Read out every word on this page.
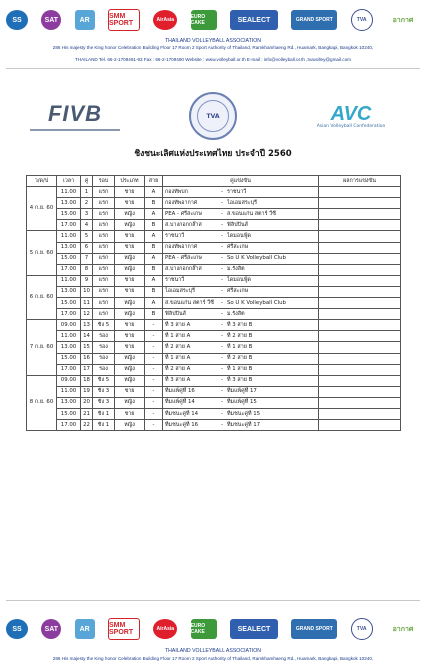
SS	SAT	AR	SMM SPORT	AirAsia	EURO CAKE	SEALECT	GRAND SPORT	TVA	อากาศ
THAILAND VOLLEYBALL ASSOCIATION
286 His majesty the King honor Celebration Building Floor 17 Room 2 Sport Authority of Thailand, Ramkhamhaeng Rd., Huamark, Bangkapi, Bangkok 10240,
THAILAND Tel. 66-2-1709491-93 Fax : 66-2-1709490 Website : www.volleyball.or.th E-mail : info@volleyball.or.th ,tvavolley@gmail.com
FIVB	TVA	AVC
Asian Volleyball Confederation
ชิงชนะเลิศแห่งประเทศไทย ประจำปี 2560
ว/ด/ป	เวลา	คู่	รอบ	ประเภท	สาย	คู่แข่งขัน	ผลการแข่งขัน
4 ก.ย. 60	11.00	1	แรก	ชาย	A	กองทัพบก - ราชนาวี	

	13.00	2	แรก	ชาย	B	กองทัพอากาศ - ไอเอมสระบุรี	

	15.00	3	แรก	หญิง	A	PEA - ศรีสะเกษ - ส.ขอนแก่น สตาร์ วีซี	

	17.00	4	แรก	หญิง	B	ส.บางกอกกล๊าส - ฟิลิปปินส์	

5 ก.ย. 60	11.00	5	แรก	ชาย	A	ราชนาวี - ไดมอนฟู้ด	

	13.00	6	แรก	ชาย	B	กองทัพอากาศ - ศรีสะเกษ	

	15.00	7	แรก	หญิง	A	PEA - ศรีสะเกษ - So U K Volleyball Club	

	17.00	8	แรก	หญิง	B	ส.บางกอกกล๊าส - ม.รังสิต	

6 ก.ย. 60	11.00	9	แรก	ชาย	A	ราชนาวี - ไดมอนฟู้ด	

	13.00	10	แรก	ชาย	B	ไอเอมสระบุรี - ศรีสะเกษ	

	15.00	11	แรก	หญิง	A	ส.ขอนแก่น สตาร์ วีซี - So U K Volleyball Club	

	17.00	12	แรก	หญิง	B	ฟิลิปปินส์ - ม.รังสิต	

7 ก.ย. 60	09.00	13	ชิง 5	ชาย	-	ที่ 3 สาย A - ที่ 3 สาย B	

	11.00	14	รอง	ชาย	-	ที่ 1 สาย A - ที่ 2 สาย B	

	13.00	15	รอง	ชาย	-	ที่ 2 สาย A - ที่ 1 สาย B	

	15.00	16	รอง	หญิง	-	ที่ 1 สาย A - ที่ 2 สาย B	

	17.00	17	รอง	หญิง	-	ที่ 2 สาย A - ที่ 1 สาย B	

8 ก.ย. 60	09.00	18	ชิง 5	หญิง	-	ที่ 3 สาย A - ที่ 3 สาย B	

	11.00	19	ชิง 3	ชาย	-	ทีมแพ้คู่ที่ 16 - ทีมแพ้คู่ที่ 17	

	13.00	20	ชิง 3	หญิง	-	ทีมแพ้คู่ที่ 14 - ทีมแพ้คู่ที่ 15	

	15.00	21	ชิง 1	ชาย	-	ทีมชนะคู่ที่ 14 - ทีมชนะคู่ที่ 15	

	17.00	22	ชิง 1	หญิง	-	ทีมชนะคู่ที่ 16 - ทีมชนะคู่ที่ 17	

SS	SAT	AR	SMM SPORT	AirAsia	EURO CAKE	SEALECT	GRAND SPORT	TVA	อากาศ
THAILAND VOLLEYBALL ASSOCIATION
286 His majesty the King honor Celebration Building Floor 17 Room 2 Sport Authority of Thailand, Ramkhamhaeng Rd., Huamark, Bangkapi, Bangkok 10240,
